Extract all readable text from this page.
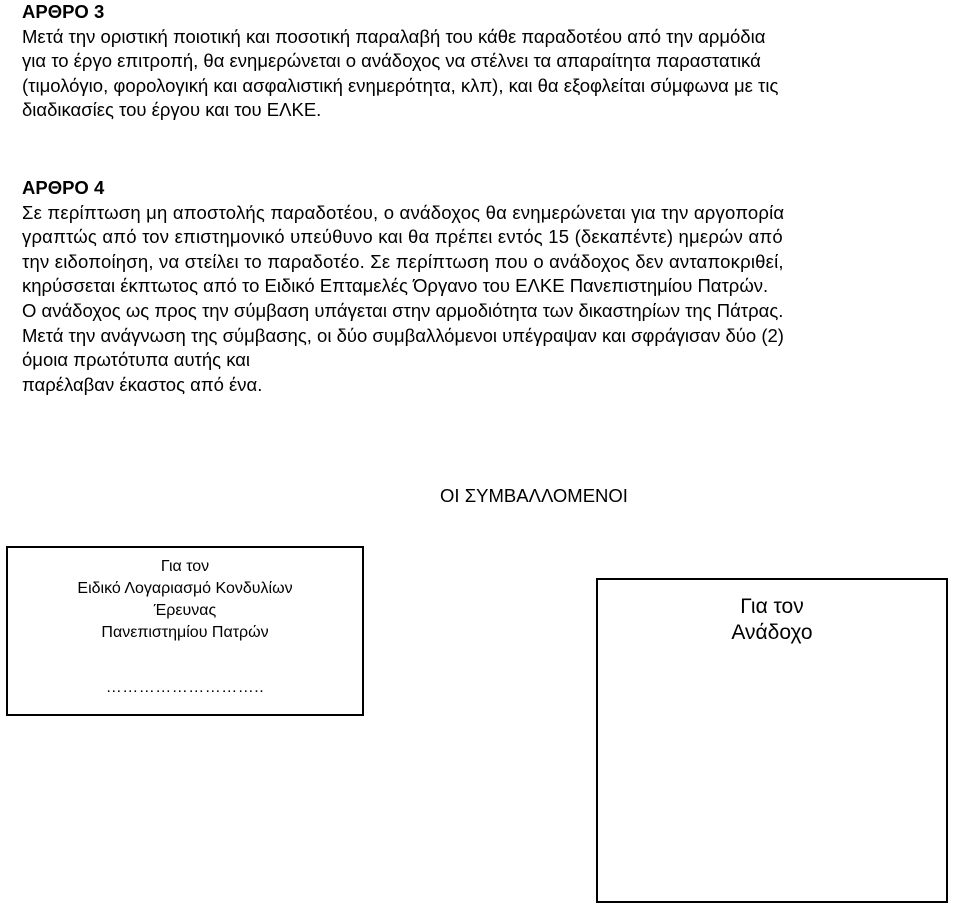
ΑΡΘΡΟ 3
Μετά την οριστική ποιοτική και ποσοτική παραλαβή του κάθε παραδοτέου από την αρμόδια
για το έργο επιτροπή, θα ενημερώνεται ο ανάδοχος να στέλνει τα απαραίτητα παραστατικά
(τιμολόγιο, φορολογική και ασφαλιστική ενημερότητα, κλπ), και θα εξοφλείται σύμφωνα με τις
διαδικασίες του έργου και του ΕΛΚΕ.
ΑΡΘΡΟ 4
Σε περίπτωση μη αποστολής παραδοτέου, ο ανάδοχος θα ενημερώνεται για την αργοπορία
γραπτώς από τον επιστημονικό υπεύθυνο και θα πρέπει εντός 15 (δεκαπέντε) ημερών από
την ειδοποίηση, να στείλει το παραδοτέο. Σε περίπτωση που ο ανάδοχος δεν ανταποκριθεί,
κηρύσσεται έκπτωτος από το Ειδικό Επταμελές Όργανο του ΕΛΚΕ Πανεπιστημίου Πατρών.
Ο ανάδοχος ως προς την σύμβαση υπάγεται στην αρμοδιότητα των δικαστηρίων της Πάτρας.
Μετά την ανάγνωση της σύμβασης, οι δύο συμβαλλόμενοι υπέγραψαν και σφράγισαν δύο (2)
όμοια πρωτότυπα αυτής και
παρέλαβαν έκαστος από ένα.
ΟΙ ΣΥΜΒΑΛΛΟΜΕΝΟΙ
Για τον
Ειδικό Λογαριασμό Κονδυλίων
Έρευνας
Πανεπιστημίου Πατρών
………………………..
Για τον
Ανάδοχο
